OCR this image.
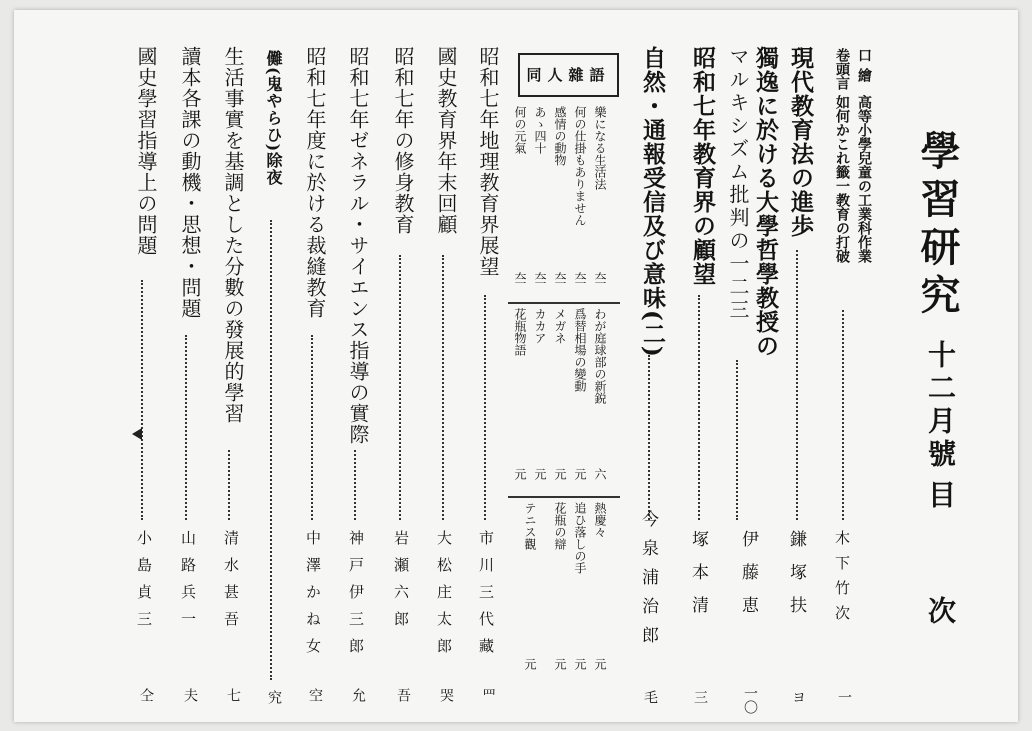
學習研究
十二月號
目　次
口繪
高等小學兒童の工業科作業
卷頭言
如何かこれ籤一教育の打破
木下竹次
一
現代教育法の進歩
鎌塚扶
ヨ
獨逸に於ける大學哲學教授の
マルキシズム批判の一二三
伊藤恵
一〇
昭和七年教育界の顧望
塚本清
三
自然・通報受信及び意味(二)
今泉浦治郎
毛
同人雜語
樂になる生活法
夳
何の仕掛もありません
夳
感情の動物
夳
あゝ四十
夳
何の元氣
夳
わが庭球部の新鋭
六
爲替相場の變動
元
メガネ
元
カカア
元
花瓶物語
元
熱慶々
元
追ひ落しの手
元
花瓶の辯
元
テニス觀
元
昭和七年地理教育界展望
市川三代藏
罒
國史教育界年末回顧
大松庄太郎
哭
昭和七年の修身教育
岩瀬六郎
吾
昭和七年ゼネラル・サイエンス指導の實際
神戸伊三郎
允
昭和七年度に於ける裁縫教育
中澤かね女
空
儺(鬼やらひ)除夜
究
生活事實を基調とした分數の發展的學習
清水甚吾
七
讀本各課の動機・思想・問題
山路兵一
夫
國史學習指導上の問題
小島貞三
仝
